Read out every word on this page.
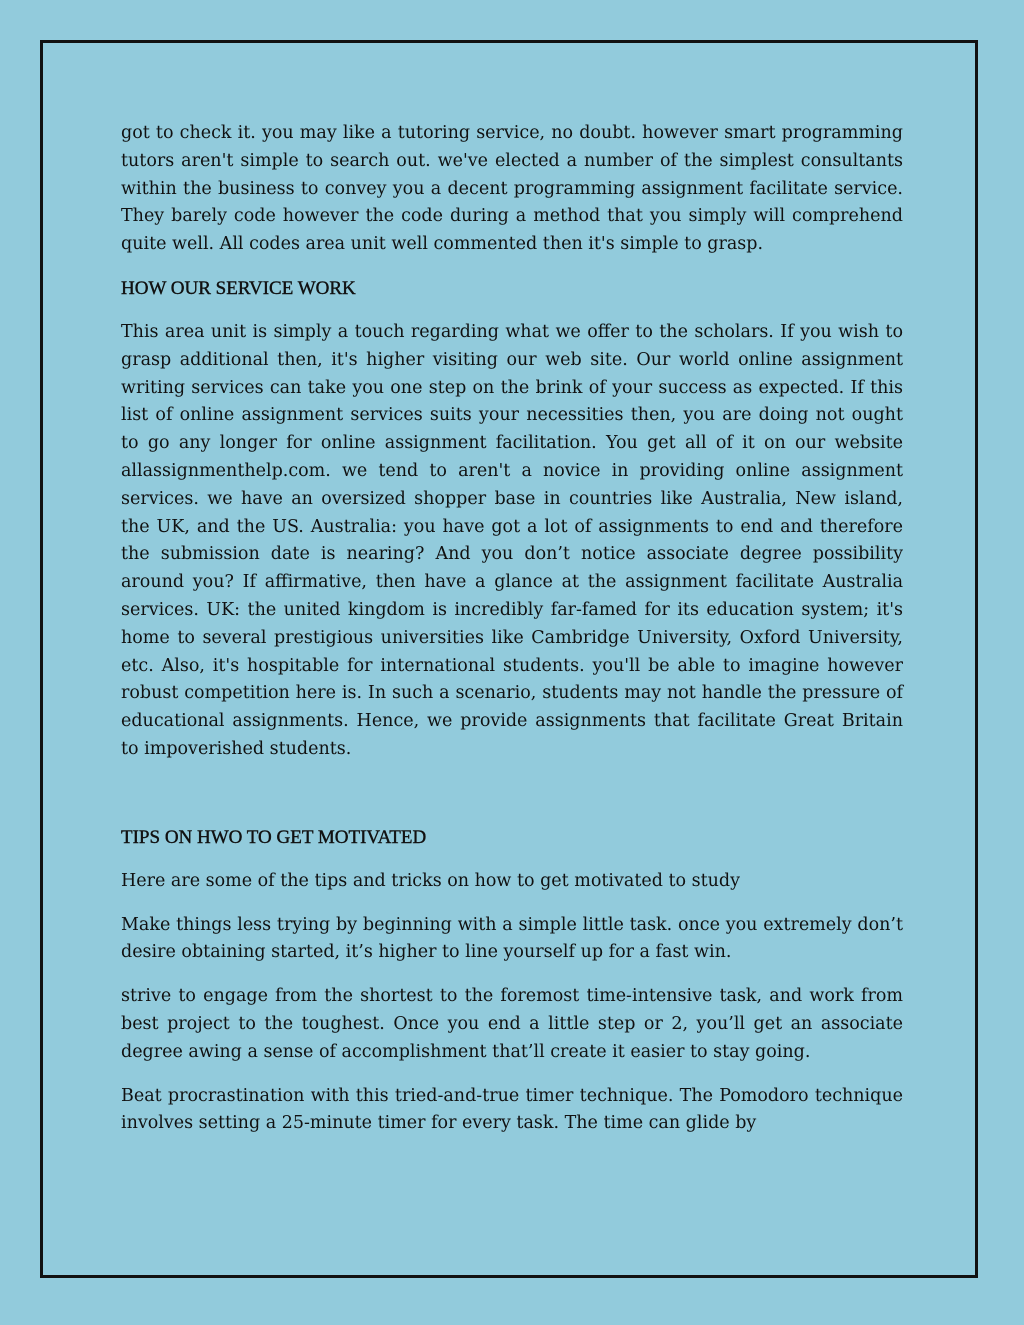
got to check it. you may like a tutoring service, no doubt. however smart programming tutors aren't simple to search out. we've elected a number of the simplest consultants within the business to convey you a decent programming assignment facilitate service. They barely code however the code during a method that you simply will comprehend quite well. All codes area unit well commented then it's simple to grasp.

HOW OUR SERVICE WORK

This area unit is simply a touch regarding what we offer to the scholars. If you wish to grasp additional then, it's higher visiting our web site. Our world online assignment writing services can take you one step on the brink of your success as expected. If this list of online assignment services suits your necessities then, you are doing not ought to go any longer for online assignment facilitation. You get all of it on our website allassignmenthelp.com. we tend to aren't a novice in providing online assignment services. we have an oversized shopper base in countries like Australia, New island, the UK, and the US. Australia: you have got a lot of assignments to end and therefore the submission date is nearing? And you don’t notice associate degree possibility around you? If affirmative, then have a glance at the assignment facilitate Australia services. UK: the united kingdom is incredibly far-famed for its education system; it's home to several prestigious universities like Cambridge University, Oxford University, etc. Also, it's hospitable for international students. you'll be able to imagine however robust competition here is. In such a scenario, students may not handle the pressure of educational assignments. Hence, we provide assignments that facilitate Great Britain to impoverished students.

TIPS ON HWO TO GET MOTIVATED

Here are some of the tips and tricks on how to get motivated to study

Make things less trying by beginning with a simple little task. once you extremely don’t desire obtaining started, it’s higher to line yourself up for a fast win.

strive to engage from the shortest to the foremost time-intensive task, and work from best project to the toughest. Once you end a little step or 2, you’ll get an associate degree awing a sense of accomplishment that’ll create it easier to stay going.

Beat procrastination with this tried-and-true timer technique. The Pomodoro technique involves setting a 25-minute timer for every task. The time can glide by
